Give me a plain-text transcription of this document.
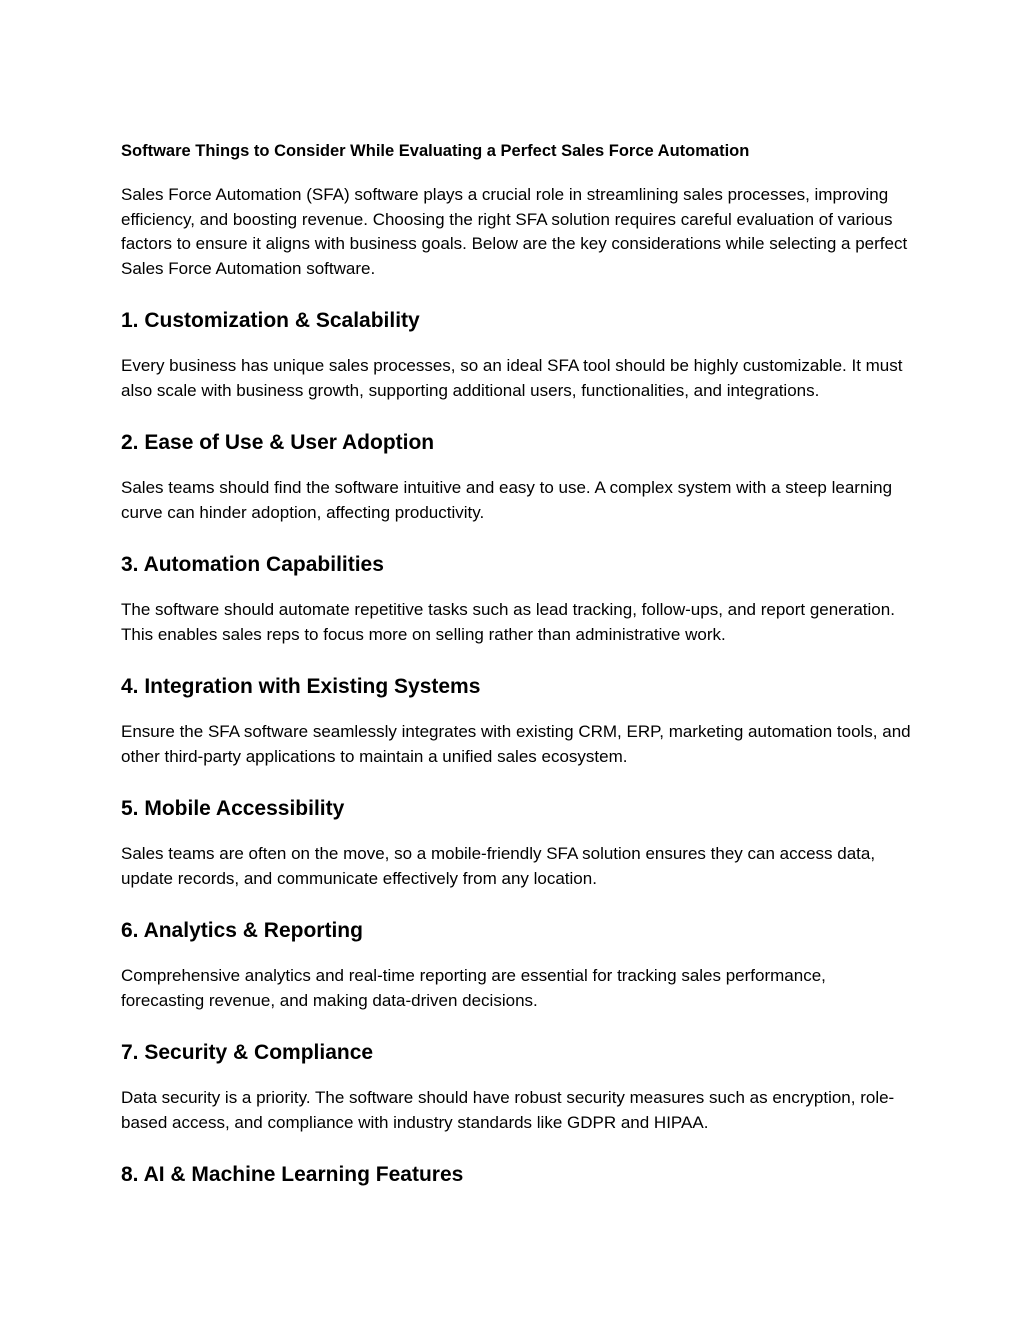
Software Things to Consider While Evaluating a Perfect Sales Force Automation

Sales Force Automation (SFA) software plays a crucial role in streamlining sales processes, improving efficiency, and boosting revenue. Choosing the right SFA solution requires careful evaluation of various factors to ensure it aligns with business goals. Below are the key considerations while selecting a perfect Sales Force Automation software.

1. Customization & Scalability

Every business has unique sales processes, so an ideal SFA tool should be highly customizable. It must also scale with business growth, supporting additional users, functionalities, and integrations.

2. Ease of Use & User Adoption

Sales teams should find the software intuitive and easy to use. A complex system with a steep learning curve can hinder adoption, affecting productivity.

3. Automation Capabilities

The software should automate repetitive tasks such as lead tracking, follow-ups, and report generation. This enables sales reps to focus more on selling rather than administrative work.

4. Integration with Existing Systems

Ensure the SFA software seamlessly integrates with existing CRM, ERP, marketing automation tools, and other third-party applications to maintain a unified sales ecosystem.

5. Mobile Accessibility

Sales teams are often on the move, so a mobile-friendly SFA solution ensures they can access data, update records, and communicate effectively from any location.

6. Analytics & Reporting

Comprehensive analytics and real-time reporting are essential for tracking sales performance, forecasting revenue, and making data-driven decisions.

7. Security & Compliance

Data security is a priority. The software should have robust security measures such as encryption, role-based access, and compliance with industry standards like GDPR and HIPAA.

8. AI & Machine Learning Features
